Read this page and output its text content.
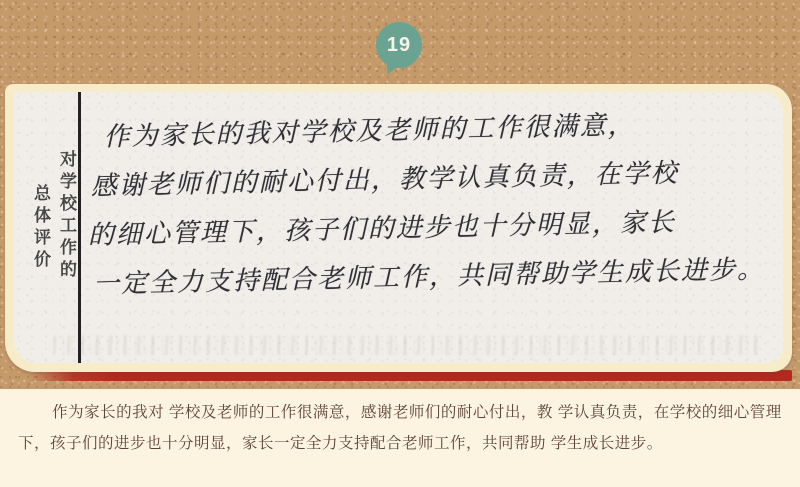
19
对学校工作的
总体评价
作为家长的我对学校及老师的工作很满意，
感谢老师们的耐心付出，教学认真负责，在学校
的细心管理下，孩子们的进步也十分明显，家长
一定全力支持配合老师工作，共同帮助学生成长进步。

作为家长的我对 学校及老师的工作很满意，感谢老师们的耐心付出，教 学认真负责，在学校的细心管理下，孩子们的进步也十分明显，家长一定全力支持配合老师工作，共同帮助 学生成长进步。
